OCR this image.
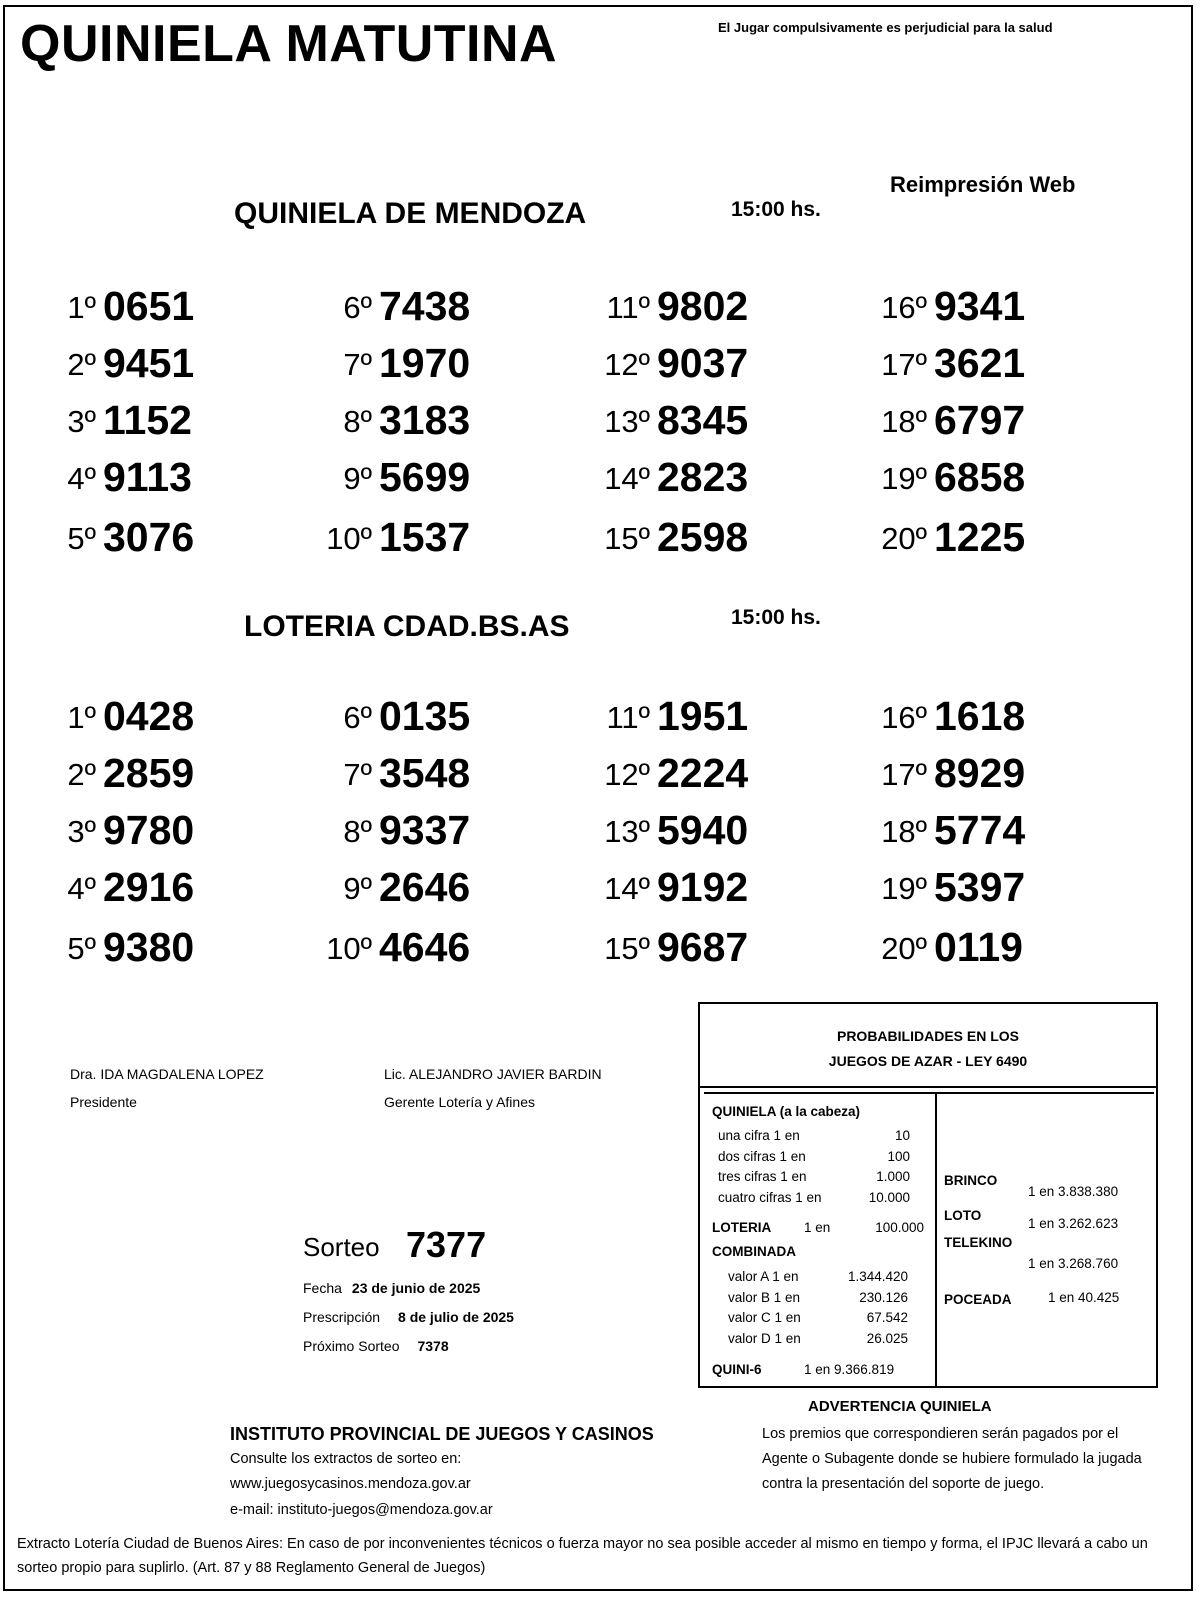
QUINIELA MATUTINA	El Jugar compulsivamente es perjudicial para la salud
Reimpresión Web
QUINIELA DE MENDOZA	15:00 hs.
1º 0651
2º 9451
3º 1152
4º 9113
5º 3076
6º 7438
7º 1970
8º 3183
9º 5699
10º 1537
11º 9802
12º 9037
13º 8345
14º 2823
15º 2598
16º 9341
17º 3621
18º 6797
19º 6858
20º 1225
LOTERIA CDAD.BS.AS	15:00 hs.
1º 0428
2º 2859
3º 9780
4º 2916
5º 9380
6º 0135
7º 3548
8º 9337
9º 2646
10º 4646
11º 1951
12º 2224
13º 5940
14º 9192
15º 9687
16º 1618
17º 8929
18º 5774
19º 5397
20º 0119
Dra. IDA MAGDALENA LOPEZ
Presidente
Lic. ALEJANDRO JAVIER BARDIN
Gerente Lotería y Afines
Sorteo 7377
Fecha 23 de junio de 2025
Prescripción 8 de julio de 2025
Próximo Sorteo 7378
PROBABILIDADES EN LOS
JUEGOS DE AZAR - LEY 6490
QUINIELA (a la cabeza)
una cifra 1 en	10
dos cifras 1 en	100
tres cifras 1 en	1.000
cuatro cifras 1 en	10.000
LOTERIA 1 en	100.000
COMBINADA
valor A 1 en	1.344.420
valor B 1 en	230.126
valor C 1 en	67.542
valor D 1 en	26.025
QUINI-6	1 en 9.366.819
BRINCO
1 en 3.838.380
LOTO
1 en 3.262.623
TELEKINO
1 en 3.268.760
POCEADA	1 en 40.425
INSTITUTO PROVINCIAL DE JUEGOS Y CASINOS
Consulte los extractos de sorteo en:
www.juegosycasinos.mendoza.gov.ar
e-mail: instituto-juegos@mendoza.gov.ar
ADVERTENCIA QUINIELA
Los premios que correspondieren serán pagados por el Agente o Subagente donde se hubiere formulado la jugada contra la presentación del soporte de juego.
Extracto Lotería Ciudad de Buenos Aires: En caso de por inconvenientes técnicos o fuerza mayor no sea posible acceder al mismo en tiempo y forma, el IPJC llevará a cabo un sorteo propio para suplirlo. (Art. 87 y 88 Reglamento General de Juegos)
